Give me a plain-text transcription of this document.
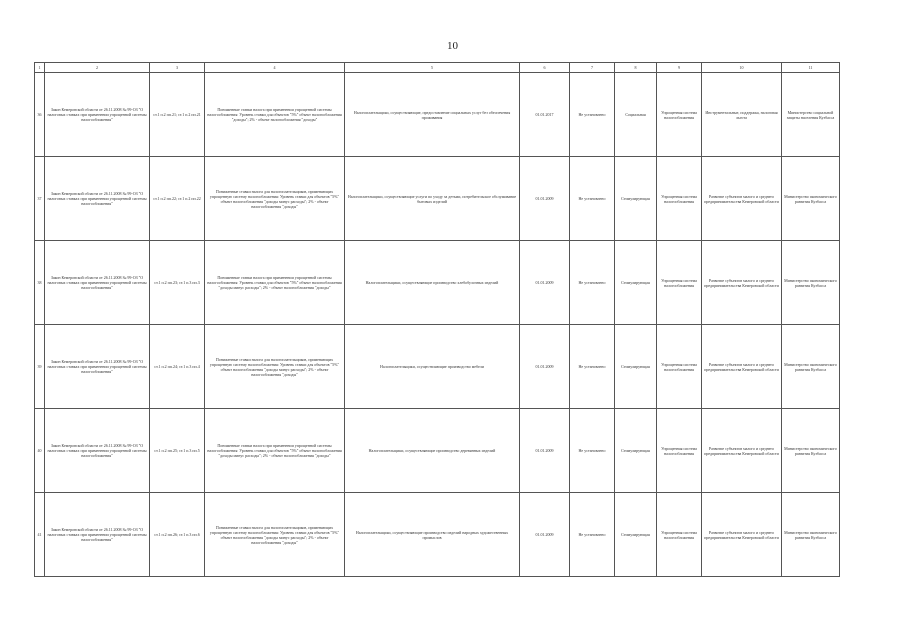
10
1	2	3	4	5	6	7	8	9	10	11
36	Закон Кемеровской области от 26.11.2008 № 99-ОЗ "О налоговых ставках при применении упрощенной системы налогообложения"	ст.1 п.2 пп.21; ст.1 п.2 пп.21	Пониженные ставки налога при применении упрощенной системы налогообложения: Уровень ставки для объектов "5%" объект налогообложения "доходы"; 2% - объект налогообложения "доходы"	Налогоплательщики, осуществляющие, предоставление социальных услуг без обеспечения проживания	01.01.2017	Не установлено	Социальная	Упрощенная система налогообложения	Инструментальные, поддержка, налоговая льгота	Министерство социальной защиты населения Кузбасса
37	Закон Кемеровской области от 26.11.2008 № 99-ОЗ "О налоговых ставках при применении упрощенной системы налогообложения"	ст.1 п.2 пп.22; ст.1 п.2 пп.22	Пониженные ставки налога для налогоплательщиков, применяющих упрощенную систему налогообложения: Уровень ставки для объектов "5%" объект налогообложения "доходы минус расходы"; 2% - объект налогообложения "доходы"	Налогоплательщики, осуществляющие услуги по уходу за детьми, потребительское обслуживание бытовых изделий	01.01.2009	Не установлено	Стимулирующая	Упрощенная система налогообложения	Развитие субъектов малого и среднего предпринимательства Кемеровской области	Министерство экономического развития Кузбасса
38	Закон Кемеровской области от 26.11.2008 № 99-ОЗ "О налоговых ставках при применении упрощенной системы налогообложения"	ст.1 п.2 пп.23; ст.1 п.3 пп.3	Пониженные ставки налога при применении упрощенной системы налогообложения: Уровень ставки для объектов "5%" объект налогообложения "доходы минус расходы"; 2% - объект налогообложения "доходы"	Налогоплательщики, осуществляющие производство хлебобулочных изделий	01.01.2009	Не установлено	Стимулирующая	Упрощенная система налогообложения	Развитие субъектов малого и среднего предпринимательства Кемеровской области	Министерство экономического развития Кузбасса
39	Закон Кемеровской области от 26.11.2008 № 99-ОЗ "О налоговых ставках при применении упрощенной системы налогообложения"	ст.1 п.2 пп.24; ст.1 п.3 пп.4	Пониженные ставки налога для налогоплательщиков, применяющих упрощенную систему налогообложения: Уровень ставки для объектов "5%" объект налогообложения "доходы минус расходы"; 2% - объект налогообложения "доходы"	Налогоплательщики, осуществляющие производство мебели	01.01.2009	Не установлено	Стимулирующая	Упрощенная система налогообложения	Развитие субъектов малого и среднего предпринимательства Кемеровской области	Министерство экономического развития Кузбасса
40	Закон Кемеровской области от 26.11.2008 № 99-ОЗ "О налоговых ставках при применении упрощенной системы налогообложения"	ст.1 п.2 пп.25; ст.1 п.3 пп.5	Пониженные ставки налога при применении упрощенной системы налогообложения: Уровень ставки для объектов "5%" объект налогообложения "доходы минус расходы"; 2% - объект налогообложения "доходы"	Налогоплательщики, осуществляющие производство деревянных изделий	01.01.2009	Не установлено	Стимулирующая	Упрощенная система налогообложения	Развитие субъектов малого и среднего предпринимательства Кемеровской области	Министерство экономического развития Кузбасса
41	Закон Кемеровской области от 26.11.2008 № 99-ОЗ "О налоговых ставках при применении упрощенной системы налогообложения"	ст.1 п.2 пп.26; ст.1 п.3 пп.6	Пониженные ставки налога для налогоплательщиков, применяющих упрощенную систему налогообложения: Уровень ставки для объектов "5%" объект налогообложения "доходы минус расходы"; 2% - объект налогообложения "доходы"	Налогоплательщики, осуществляющие производство изделий народных художественных промыслов	01.01.2009	Не установлено	Стимулирующая	Упрощенная система налогообложения	Развитие субъектов малого и среднего предпринимательства Кемеровской области	Министерство экономического развития Кузбасса
